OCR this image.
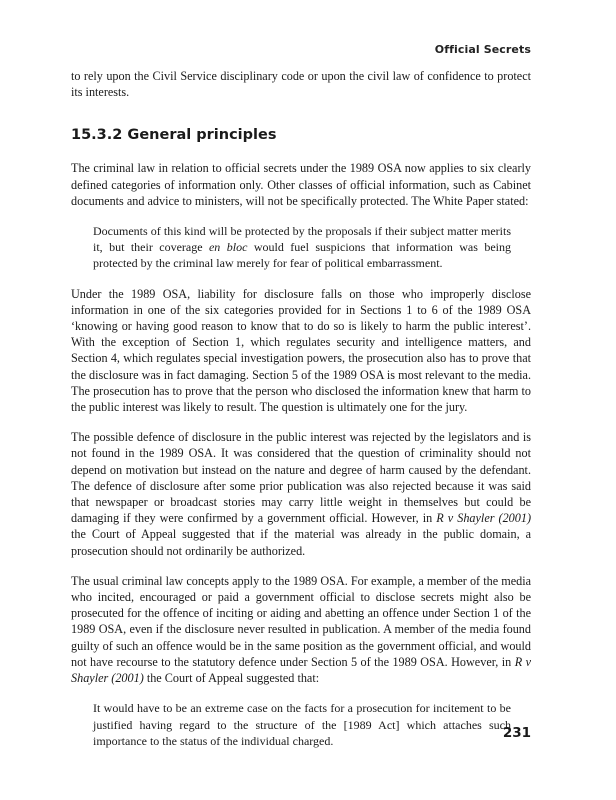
Official Secrets

to rely upon the Civil Service disciplinary code or upon the civil law of confidence to protect its interests.

15.3.2 General principles

The criminal law in relation to official secrets under the 1989 OSA now applies to six clearly defined categories of information only. Other classes of official information, such as Cabinet documents and advice to ministers, will not be specifically protected. The White Paper stated:

Documents of this kind will be protected by the proposals if their subject matter merits it, but their coverage en bloc would fuel suspicions that information was being protected by the criminal law merely for fear of political embarrassment.

Under the 1989 OSA, liability for disclosure falls on those who improperly disclose information in one of the six categories provided for in Sections 1 to 6 of the 1989 OSA ‘knowing or having good reason to know that to do so is likely to harm the public interest’. With the exception of Section 1, which regulates security and intelligence matters, and Section 4, which regulates special investigation powers, the prosecution also has to prove that the disclosure was in fact damaging. Section 5 of the 1989 OSA is most relevant to the media. The prosecution has to prove that the person who disclosed the information knew that harm to the public interest was likely to result. The question is ultimately one for the jury.

The possible defence of disclosure in the public interest was rejected by the legislators and is not found in the 1989 OSA. It was considered that the question of criminality should not depend on motivation but instead on the nature and degree of harm caused by the defendant. The defence of disclosure after some prior publication was also rejected because it was said that newspaper or broadcast stories may carry little weight in themselves but could be damaging if they were confirmed by a government official. However, in R v Shayler (2001) the Court of Appeal suggested that if the material was already in the public domain, a prosecution should not ordinarily be authorized.

The usual criminal law concepts apply to the 1989 OSA. For example, a member of the media who incited, encouraged or paid a government official to disclose secrets might also be prosecuted for the offence of inciting or aiding and abetting an offence under Section 1 of the 1989 OSA, even if the disclosure never resulted in publication. A member of the media found guilty of such an offence would be in the same position as the government official, and would not have recourse to the statutory defence under Section 5 of the 1989 OSA. However, in R v Shayler (2001) the Court of Appeal suggested that:

It would have to be an extreme case on the facts for a prosecution for incitement to be justified having regard to the structure of the [1989 Act] which attaches such importance to the status of the individual charged.	231
